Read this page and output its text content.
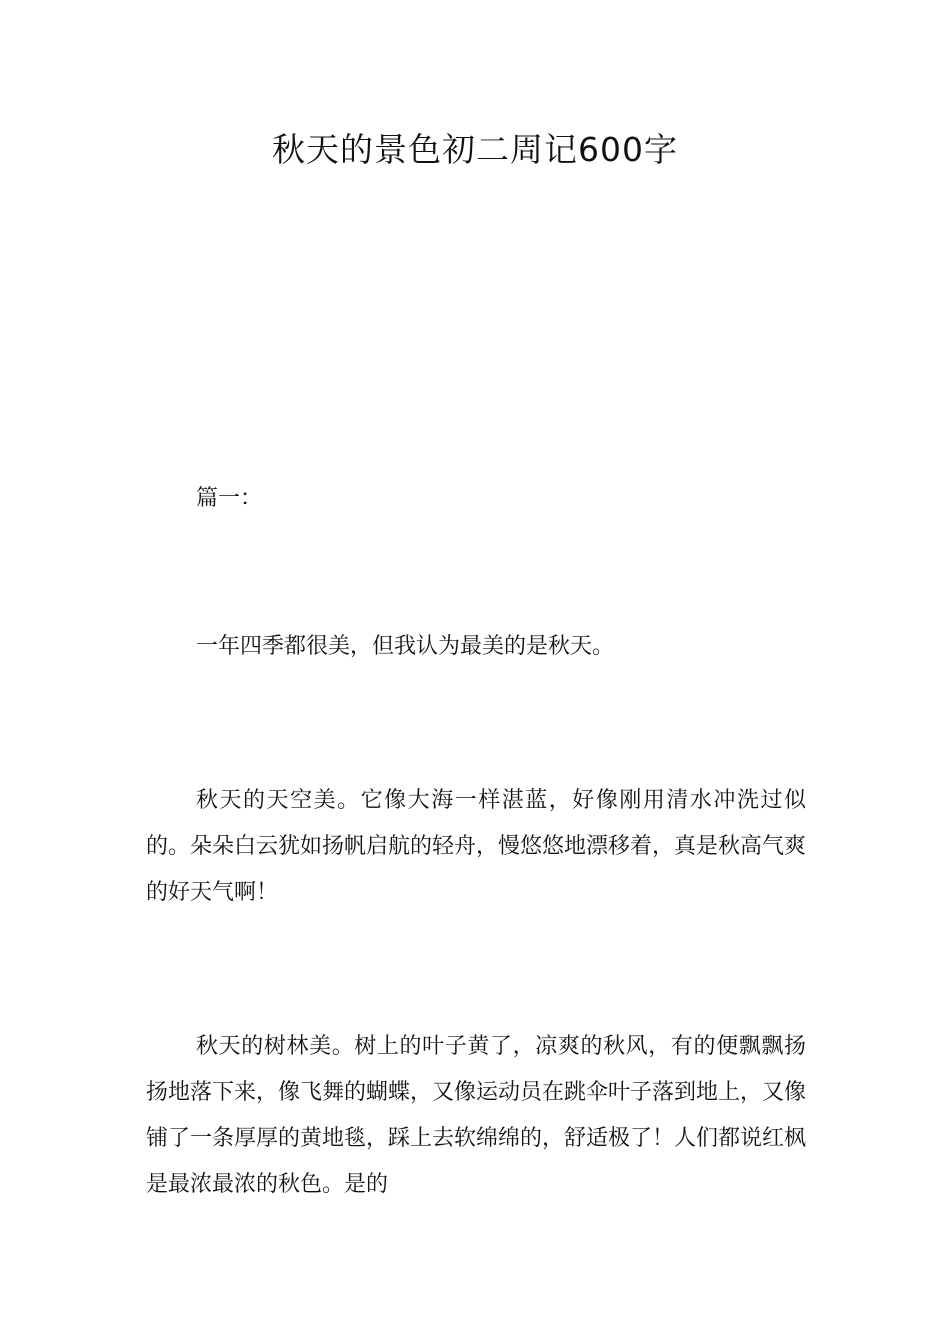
秋天的景色初二周记600字

篇一：

一年四季都很美，但我认为最美的是秋天。

秋天的天空美。它像大海一样湛蓝，好像刚用清水冲洗过似的。朵朵白云犹如扬帆启航的轻舟，慢悠悠地漂移着，真是秋高气爽的好天气啊！

秋天的树林美。树上的叶子黄了，凉爽的秋风，有的便飘飘扬扬地落下来，像飞舞的蝴蝶，又像运动员在跳伞叶子落到地上，又像铺了一条厚厚的黄地毯，踩上去软绵绵的，舒适极了！人们都说红枫是最浓最浓的秋色。是的
